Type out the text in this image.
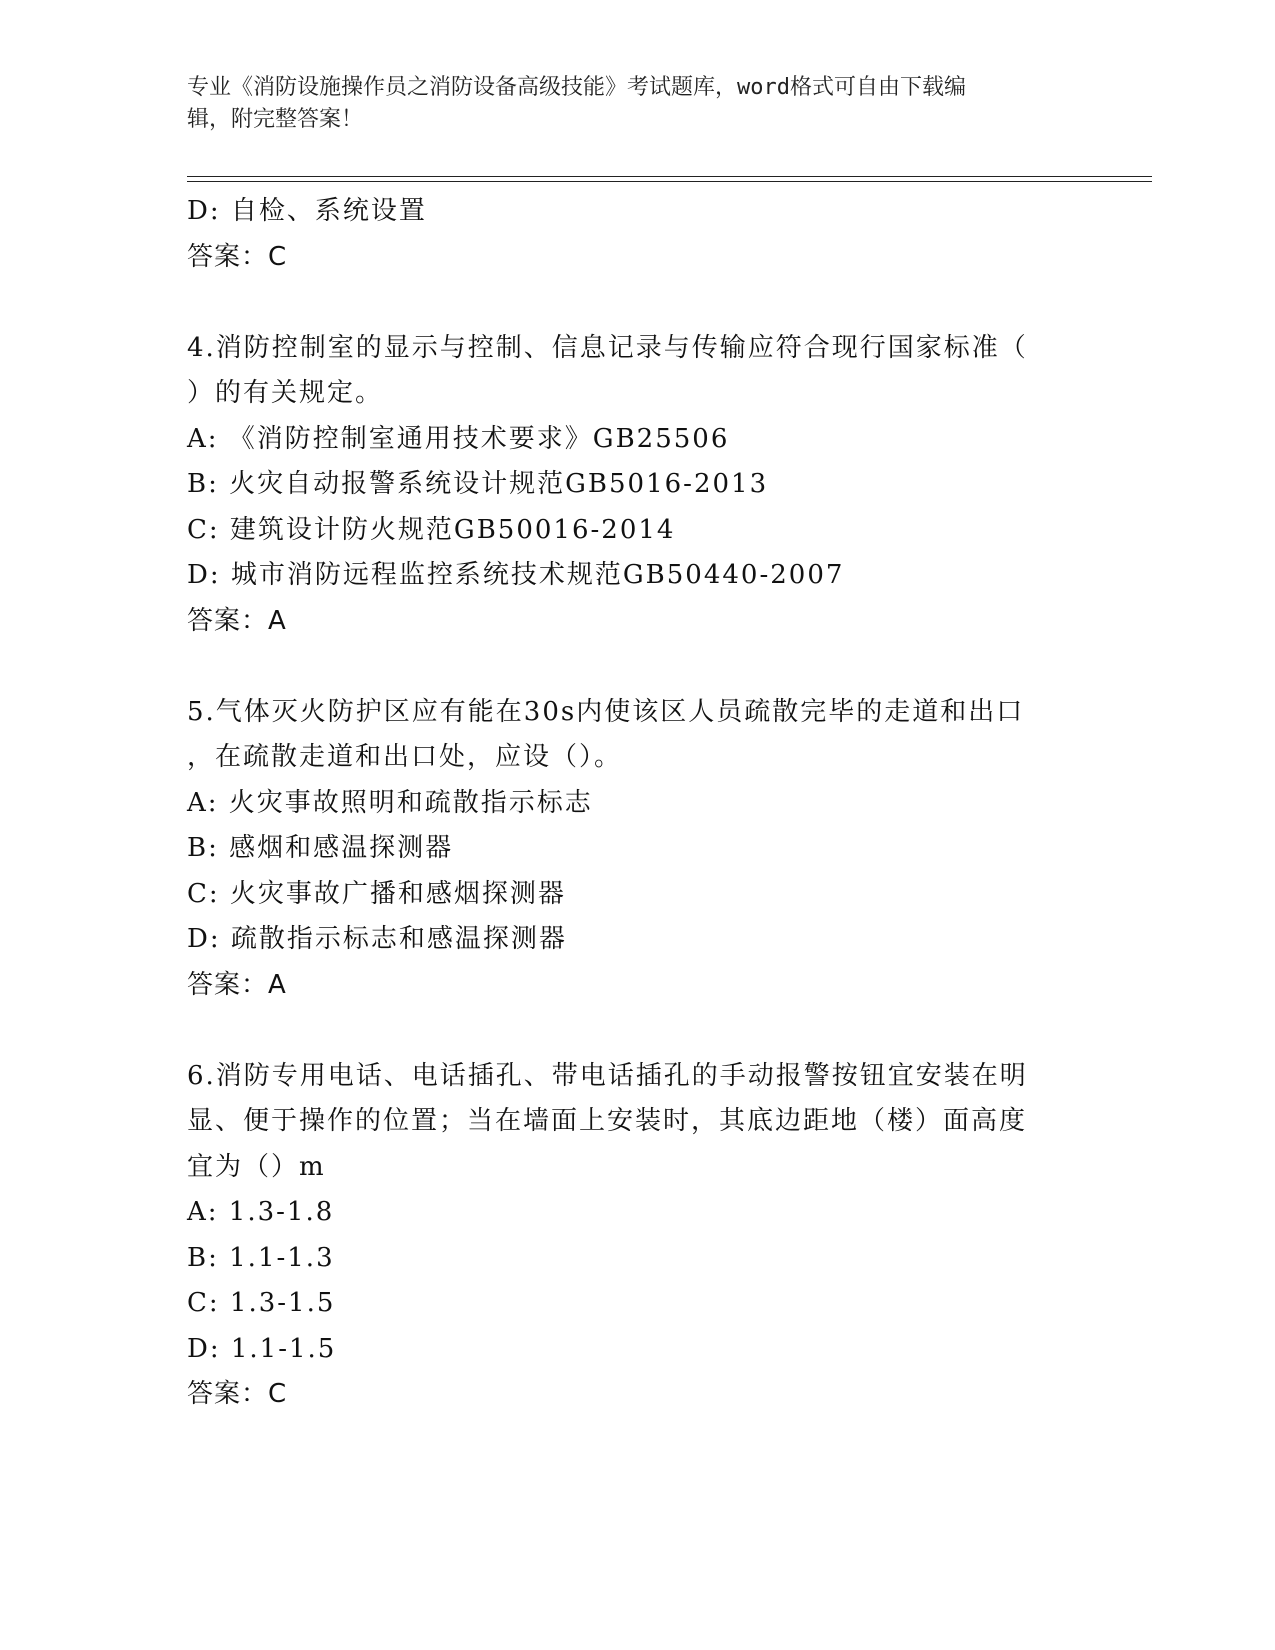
专业《消防设施操作员之消防设备高级技能》考试题库，word格式可自由下载编
辑，附完整答案！
D: 自检、系统设置
答案：C
4.消防控制室的显示与控制、信息记录与传输应符合现行国家标准（
）的有关规定。
A: 《消防控制室通用技术要求》GB25506
B: 火灾自动报警系统设计规范GB5016-2013
C: 建筑设计防火规范GB50016-2014
D: 城市消防远程监控系统技术规范GB50440-2007
答案：A
5.气体灭火防护区应有能在30s内使该区人员疏散完毕的走道和出口
，在疏散走道和出口处，应设（）。
A: 火灾事故照明和疏散指示标志
B: 感烟和感温探测器
C: 火灾事故广播和感烟探测器
D: 疏散指示标志和感温探测器
答案：A
6.消防专用电话、电话插孔、带电话插孔的手动报警按钮宜安装在明
显、便于操作的位置；当在墙面上安装时，其底边距地（楼）面高度
宜为（）m
A: 1.3-1.8
B: 1.1-1.3
C: 1.3-1.5
D: 1.1-1.5
答案：C
